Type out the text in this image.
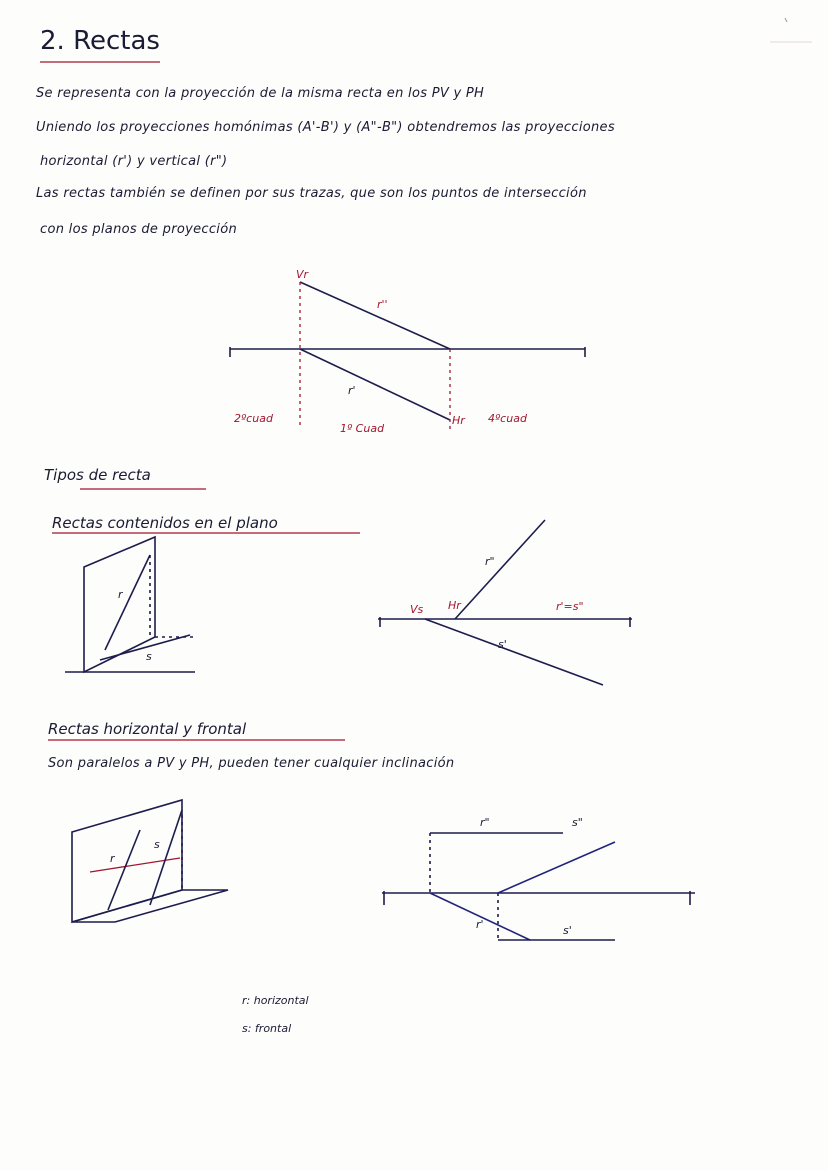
2. Rectas
Se representa con la proyección de la misma recta en los PV y PH
Uniendo los proyecciones homónimas (A'-B') y (A"-B") obtendremos las proyecciones
horizontal (r') y vertical (r")
Las rectas también se definen por sus trazas, que son los puntos de intersección
con los planos de proyección
Vr
r''
r'
2ºcuad
1º Cuad
Hr 4ºcuad
Tipos de recta
Rectas contenidos en el plano
r
s
r"
Vs Hr	r'=s"
s'
Rectas horizontal y frontal
Son paralelos a PV y PH, pueden tener cualquier inclinación
r
s
r"	s"
r'	s'
r: horizontal
s: frontal
